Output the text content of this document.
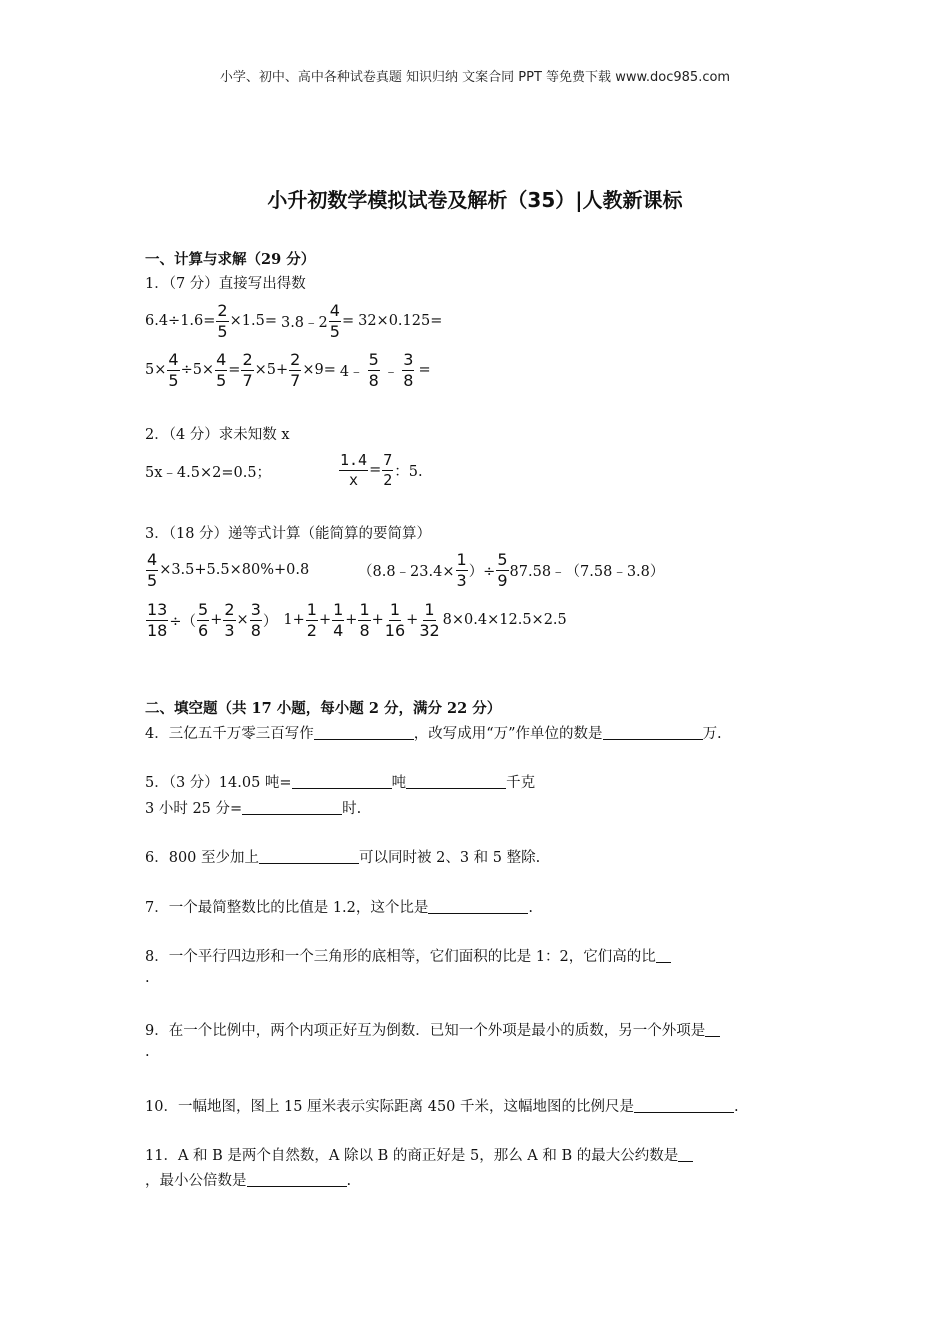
小学、初中、高中各种试卷真题 知识归纳 文案合同 PPT 等免费下载 www.doc985.com
小升初数学模拟试卷及解析（35）|人教新课标
一、计算与求解（29 分）
1．（7 分）直接写出得数
$6.4\div 1.6= \frac{2}{5} \times 1.5=$ 3.8﹣2 $\frac{4}{5} = 32\times 0.125=$
$5\times \frac{4}{5} \div 5\times \frac{4}{5} = \frac{2}{7} \times 5+ \frac{2}{7} \times 9=$ 4﹣ $\frac{5}{8}$ ﹣ $\frac{3}{8}$ =
2．（4 分）求未知数 x
5x﹣4.5×2=0.5；	$\frac{1.4}{x} = \frac{7}{2}$ ：5.
3．（18 分）递等式计算（能简算的要简算）
$\frac{4}{5} \times 3.5+5.5\times 80\%+0.8$	（8.8﹣23.4× $\frac{1}{3}$ ）÷ $\frac{5}{9}$ 87.58﹣（7.58﹣3.8）
$\frac{13}{18}$ ÷（ $\frac{5}{6} + \frac{2}{3} \times \frac{3}{8}$ ） $1+ \frac{1}{2} + \frac{1}{4} + \frac{1}{8} + \frac{1}{16} + \frac{1}{32} 8\times 0.4\times 12.5\times 2.5$
二、填空题（共 17 小题，每小题 2 分，满分 22 分）
4．三亿五千万零三百写作	，改写成用“万”作单位的数是	万.
5．（3 分）14.05 吨=	吨	千克
3 小时 25 分=	时.
6．800 至少加上	可以同时被 2、3 和 5 整除.
7．一个最简整数比的比值是 1.2，这个比是	.
8．一个平行四边形和一个三角形的底相等，它们面积的比是 1：2，它们高的比
.
9．在一个比例中，两个内项正好互为倒数．已知一个外项是最小的质数，另一个外项是
.
10．一幅地图，图上 15 厘米表示实际距离 450 千米，这幅地图的比例尺是	.
11．A 和 B 是两个自然数，A 除以 B 的商正好是 5，那么 A 和 B 的最大公约数是
，最小公倍数是	.
